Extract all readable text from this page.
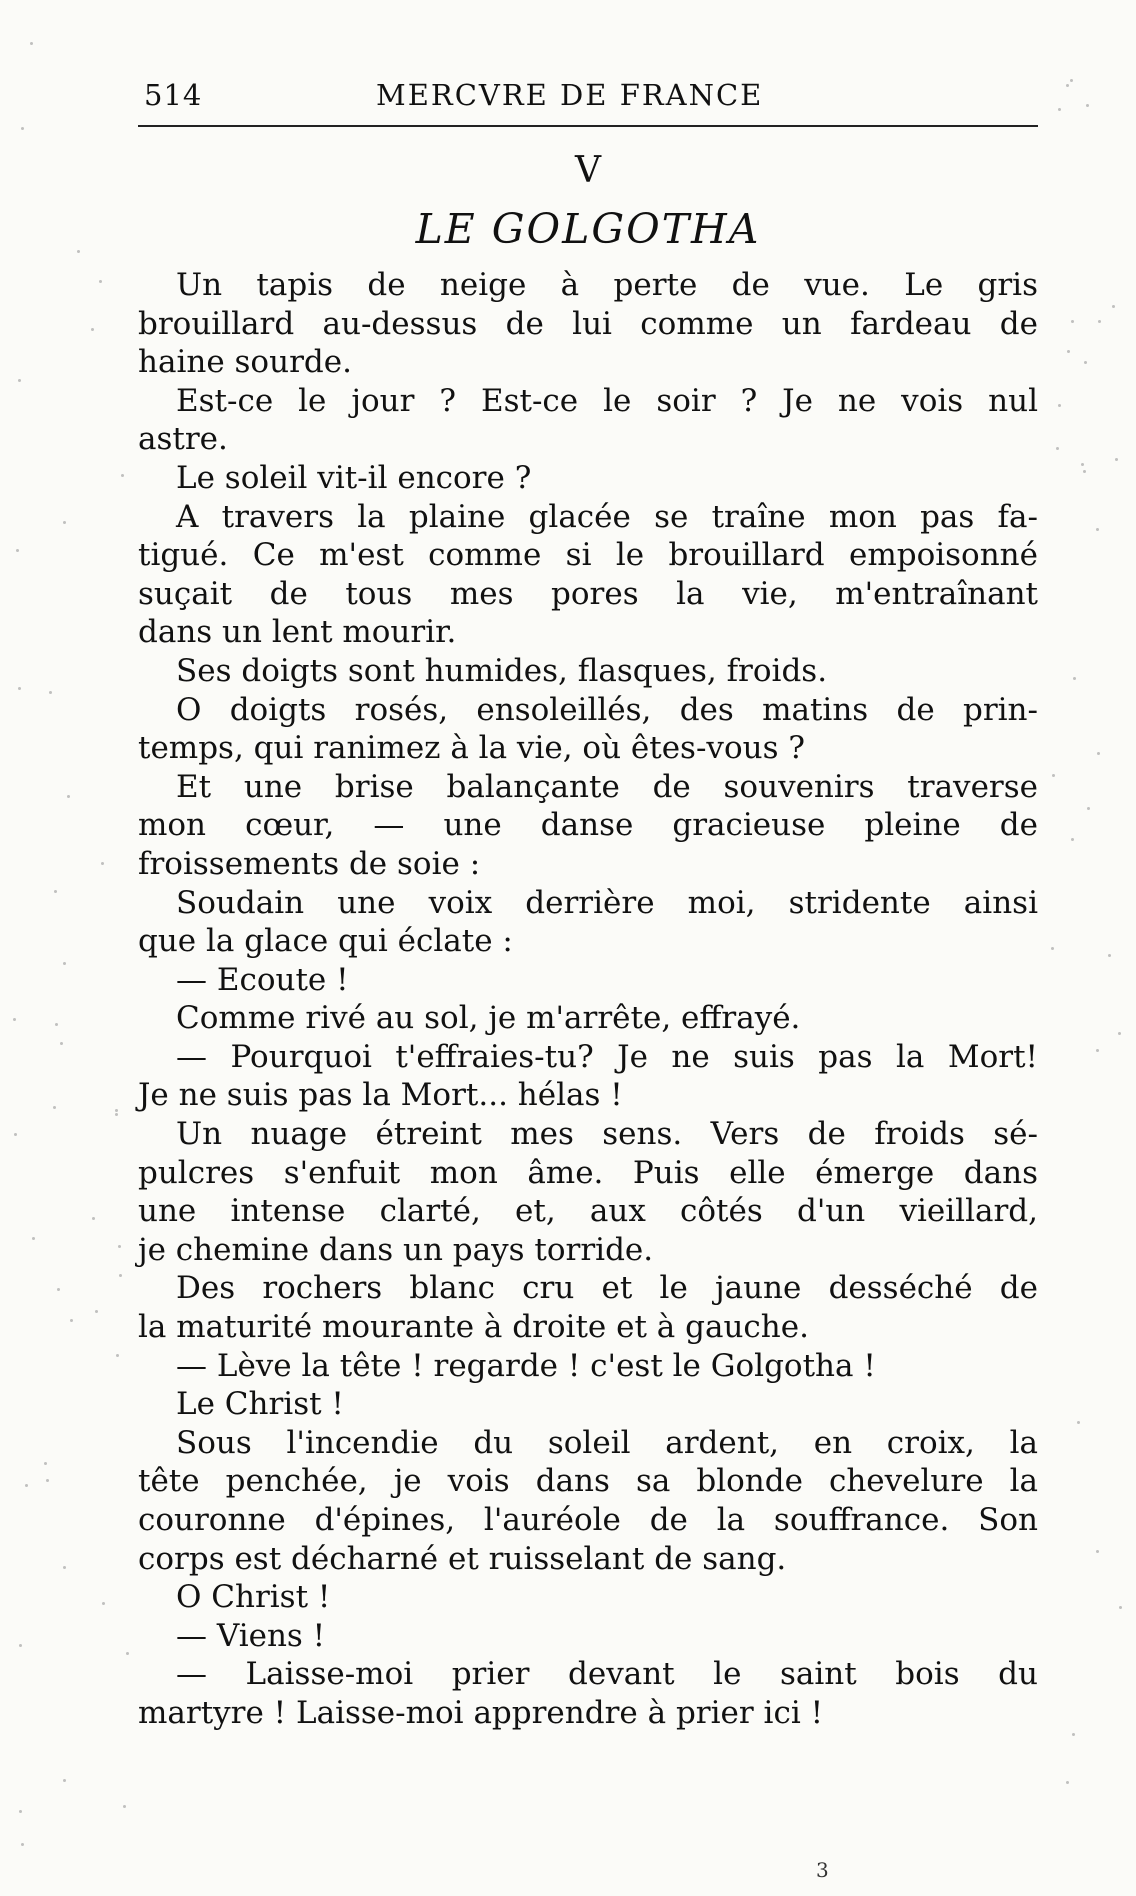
514	MERCVRE DE FRANCE
V
LE GOLGOTHA
Un tapis de neige à perte de vue. Le gris
brouillard au-dessus de lui comme un fardeau de
haine sourde.
Est-ce le jour ? Est-ce le soir ? Je ne vois nul
astre.
Le soleil vit-il encore ?
A travers la plaine glacée se traîne mon pas fa-
tigué. Ce m'est comme si le brouillard empoisonné
suçait de tous mes pores la vie, m'entraînant
dans un lent mourir.
Ses doigts sont humides, flasques, froids.
O doigts rosés, ensoleillés, des matins de prin-
temps, qui ranimez à la vie, où êtes-vous ?
Et une brise balançante de souvenirs traverse
mon cœur, — une danse gracieuse pleine de
froissements de soie :
Soudain une voix derrière moi, stridente ainsi
que la glace qui éclate :
— Ecoute !
Comme rivé au sol, je m'arrête, effrayé.
— Pourquoi t'effraies-tu? Je ne suis pas la Mort!
Je ne suis pas la Mort... hélas !
Un nuage étreint mes sens. Vers de froids sé-
pulcres s'enfuit mon âme. Puis elle émerge dans
une intense clarté, et, aux côtés d'un vieillard,
je chemine dans un pays torride.
Des rochers blanc cru et le jaune desséché de
la maturité mourante à droite et à gauche.
— Lève la tête ! regarde ! c'est le Golgotha !
Le Christ !
Sous l'incendie du soleil ardent, en croix, la
tête penchée, je vois dans sa blonde chevelure la
couronne d'épines, l'auréole de la souffrance. Son
corps est décharné et ruisselant de sang.
O Christ !
— Viens !
— Laisse-moi prier devant le saint bois du
martyre ! Laisse-moi apprendre à prier ici !
3
